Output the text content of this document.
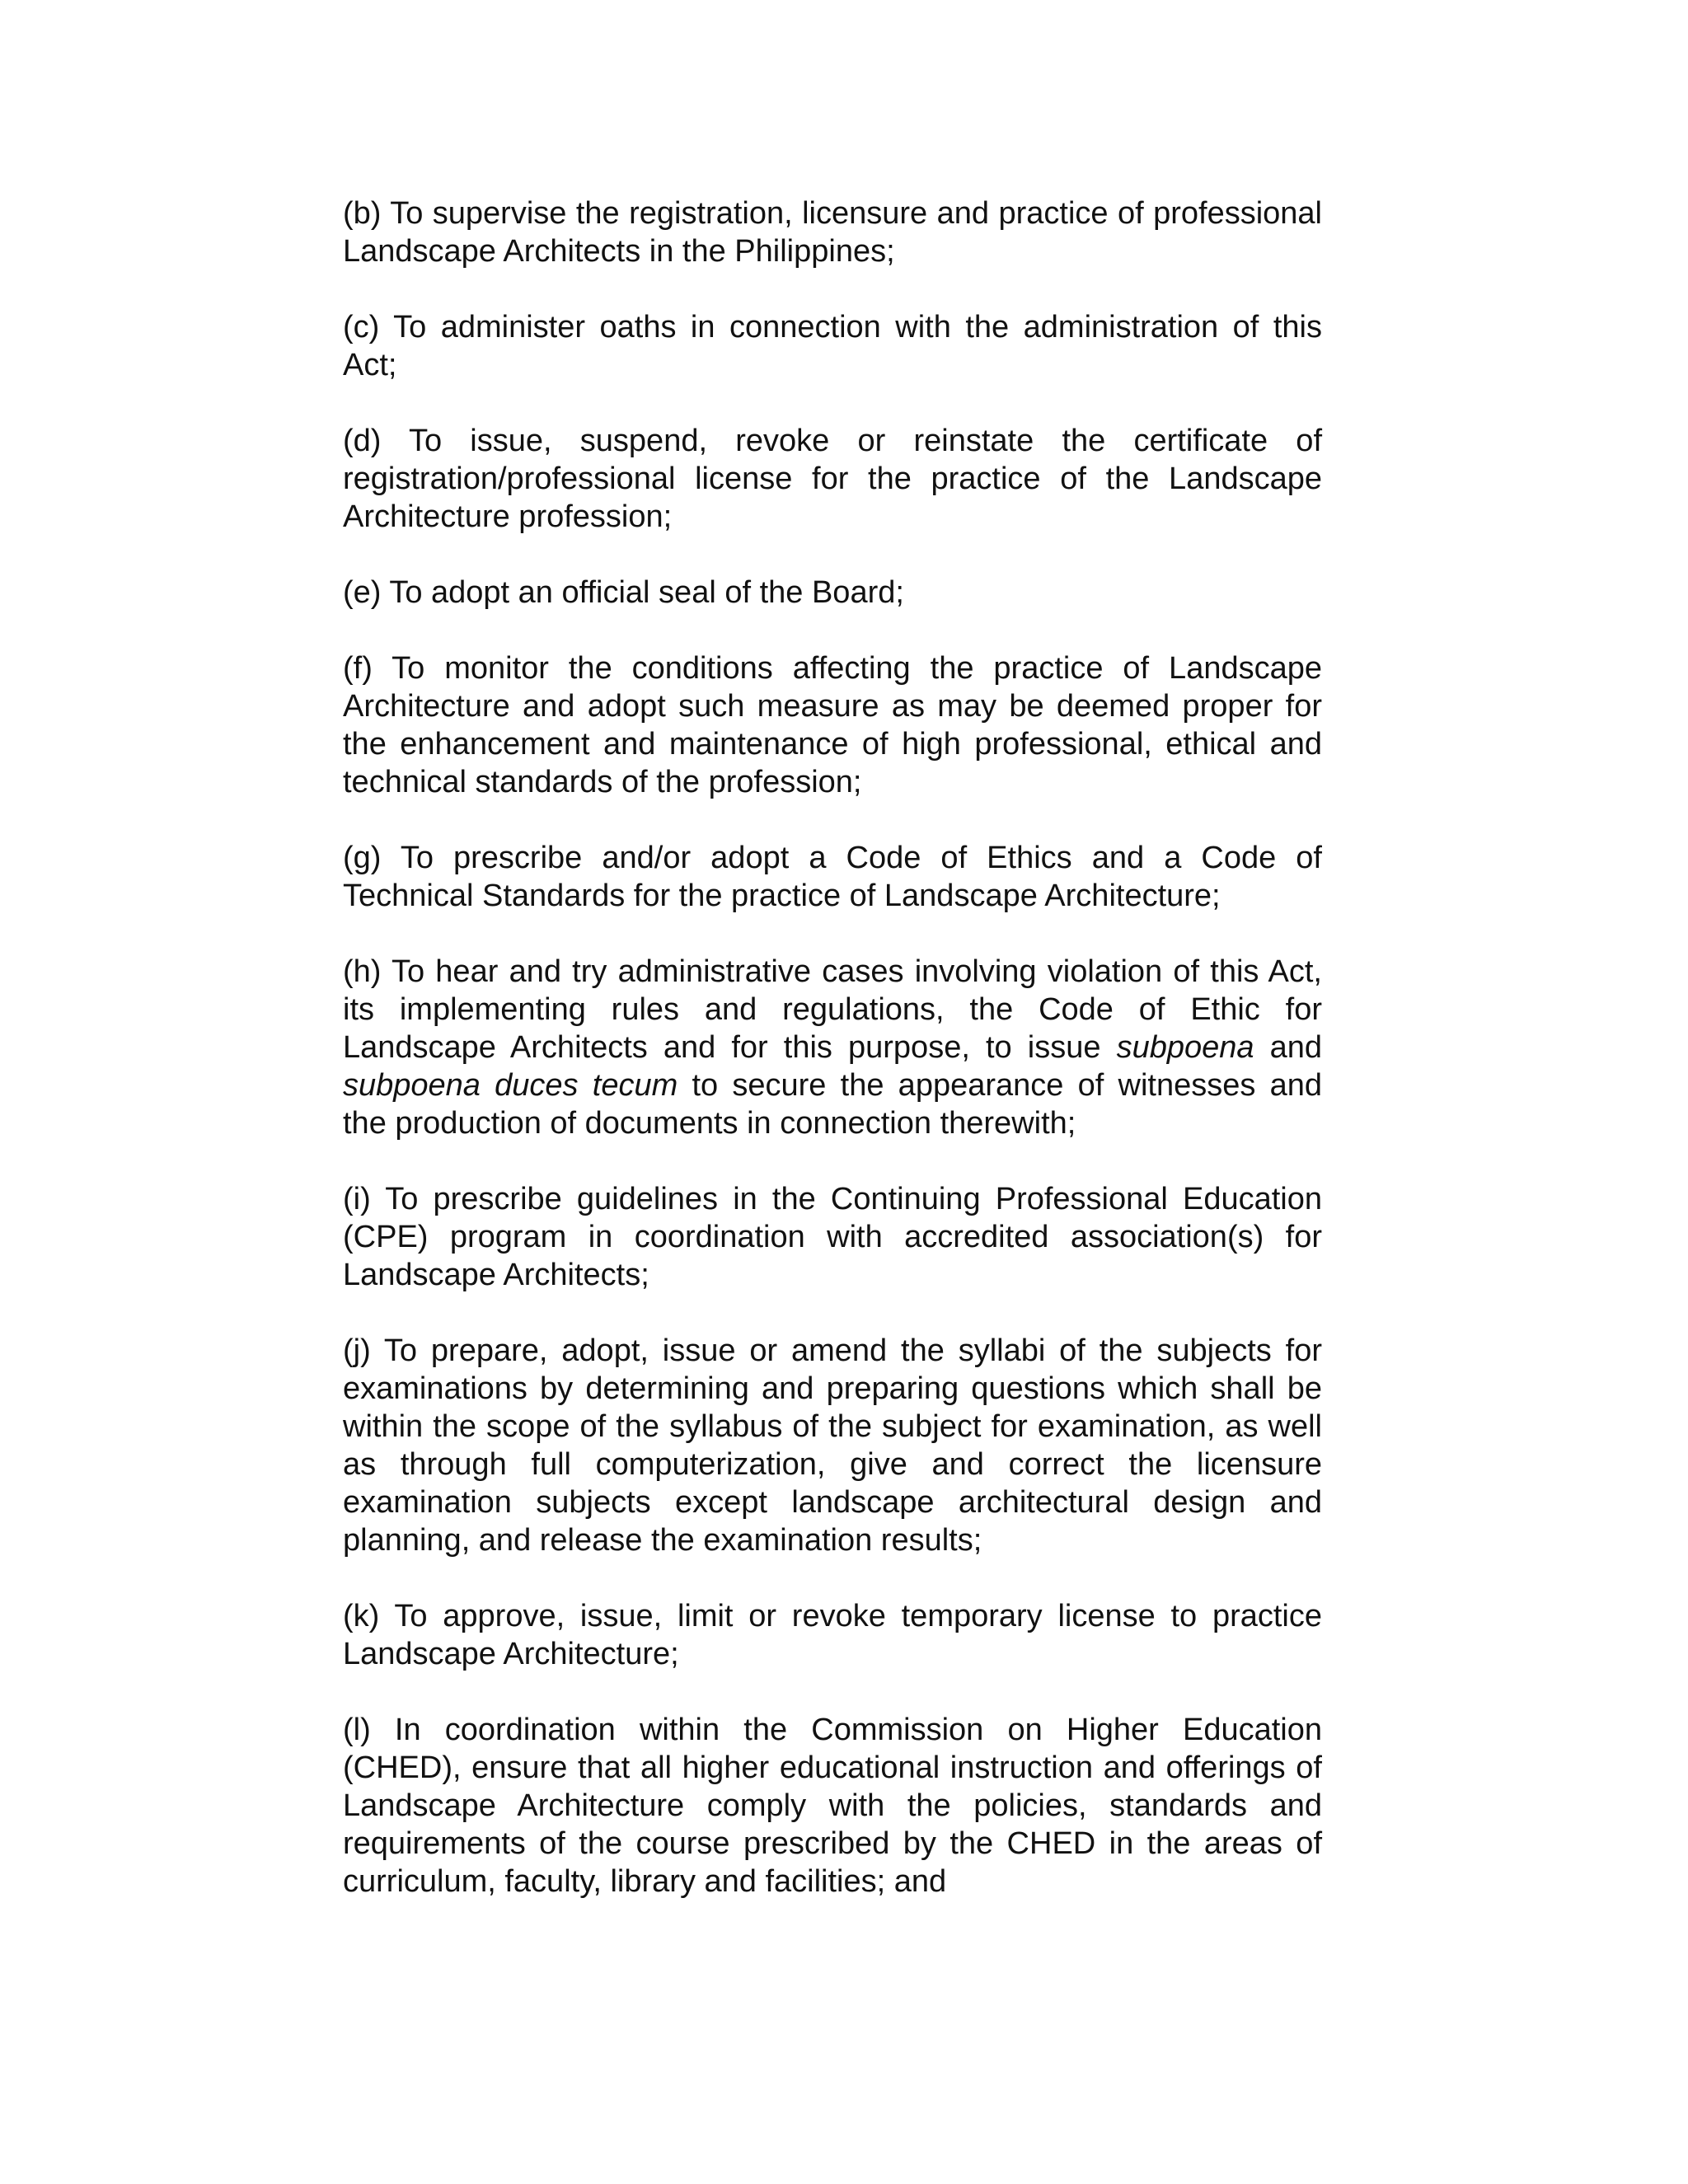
(b) To supervise the registration, licensure and practice of professional Landscape Architects in the Philippines;

(c) To administer oaths in connection with the administration of this Act;

(d) To issue, suspend, revoke or reinstate the certificate of registration/professional license for the practice of the Landscape Architecture profession;

(e) To adopt an official seal of the Board;

(f) To monitor the conditions affecting the practice of Landscape Architecture and adopt such measure as may be deemed proper for the enhancement and maintenance of high professional, ethical and technical standards of the profession;

(g) To prescribe and/or adopt a Code of Ethics and a Code of Technical Standards for the practice of Landscape Architecture;

(h) To hear and try administrative cases involving violation of this Act, its implementing rules and regulations, the Code of Ethic for Landscape Architects and for this purpose, to issue subpoena and subpoena duces tecum to secure the appearance of witnesses and the production of documents in connection therewith;

(i) To prescribe guidelines in the Continuing Professional Education (CPE) program in coordination with accredited association(s) for Landscape Architects;

(j) To prepare, adopt, issue or amend the syllabi of the subjects for examinations by determining and preparing questions which shall be within the scope of the syllabus of the subject for examination, as well as through full computerization, give and correct the licensure examination subjects except landscape architectural design and planning, and release the examination results;

(k) To approve, issue, limit or revoke temporary license to practice Landscape Architecture;

(l) In coordination within the Commission on Higher Education (CHED), ensure that all higher educational instruction and offerings of Landscape Architecture comply with the policies, standards and requirements of the course prescribed by the CHED in the areas of curriculum, faculty, library and facilities; and
